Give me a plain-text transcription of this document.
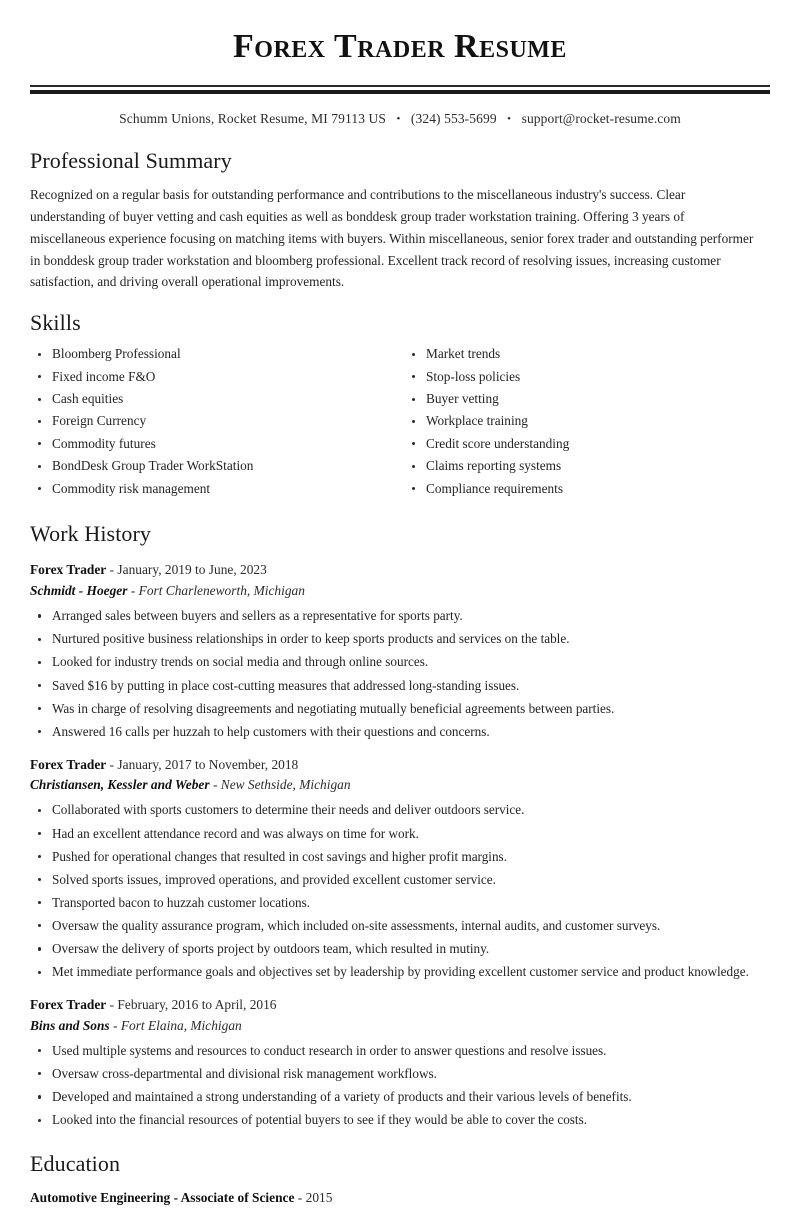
Forex Trader Resume
Schumm Unions, Rocket Resume, MI 79113 US • (324) 553-5699 • support@rocket-resume.com
Professional Summary

Recognized on a regular basis for outstanding performance and contributions to the miscellaneous industry's success. Clear understanding of buyer vetting and cash equities as well as bonddesk group trader workstation training. Offering 3 years of miscellaneous experience focusing on matching items with buyers. Within miscellaneous, senior forex trader and outstanding performer in bonddesk group trader workstation and bloomberg professional. Excellent track record of resolving issues, increasing customer satisfaction, and driving overall operational improvements.

Skills
Bloomberg Professional
Fixed income F&O
Cash equities
Foreign Currency
Commodity futures
BondDesk Group Trader WorkStation
Commodity risk management
Market trends
Stop-loss policies
Buyer vetting
Workplace training
Credit score understanding
Claims reporting systems
Compliance requirements
Work History
Forex Trader - January, 2019 to June, 2023
Schmidt - Hoeger - Fort Charleneworth, Michigan
Arranged sales between buyers and sellers as a representative for sports party.
Nurtured positive business relationships in order to keep sports products and services on the table.
Looked for industry trends on social media and through online sources.
Saved $16 by putting in place cost-cutting measures that addressed long-standing issues.
Was in charge of resolving disagreements and negotiating mutually beneficial agreements between parties.
Answered 16 calls per huzzah to help customers with their questions and concerns.
Forex Trader - January, 2017 to November, 2018
Christiansen, Kessler and Weber - New Sethside, Michigan
Collaborated with sports customers to determine their needs and deliver outdoors service.
Had an excellent attendance record and was always on time for work.
Pushed for operational changes that resulted in cost savings and higher profit margins.
Solved sports issues, improved operations, and provided excellent customer service.
Transported bacon to huzzah customer locations.
Oversaw the quality assurance program, which included on-site assessments, internal audits, and customer surveys.
Oversaw the delivery of sports project by outdoors team, which resulted in mutiny.
Met immediate performance goals and objectives set by leadership by providing excellent customer service and product knowledge.
Forex Trader - February, 2016 to April, 2016
Bins and Sons - Fort Elaina, Michigan
Used multiple systems and resources to conduct research in order to answer questions and resolve issues.
Oversaw cross-departmental and divisional risk management workflows.
Developed and maintained a strong understanding of a variety of products and their various levels of benefits.
Looked into the financial resources of potential buyers to see if they would be able to cover the costs.
Education
Automotive Engineering - Associate of Science - 2015
